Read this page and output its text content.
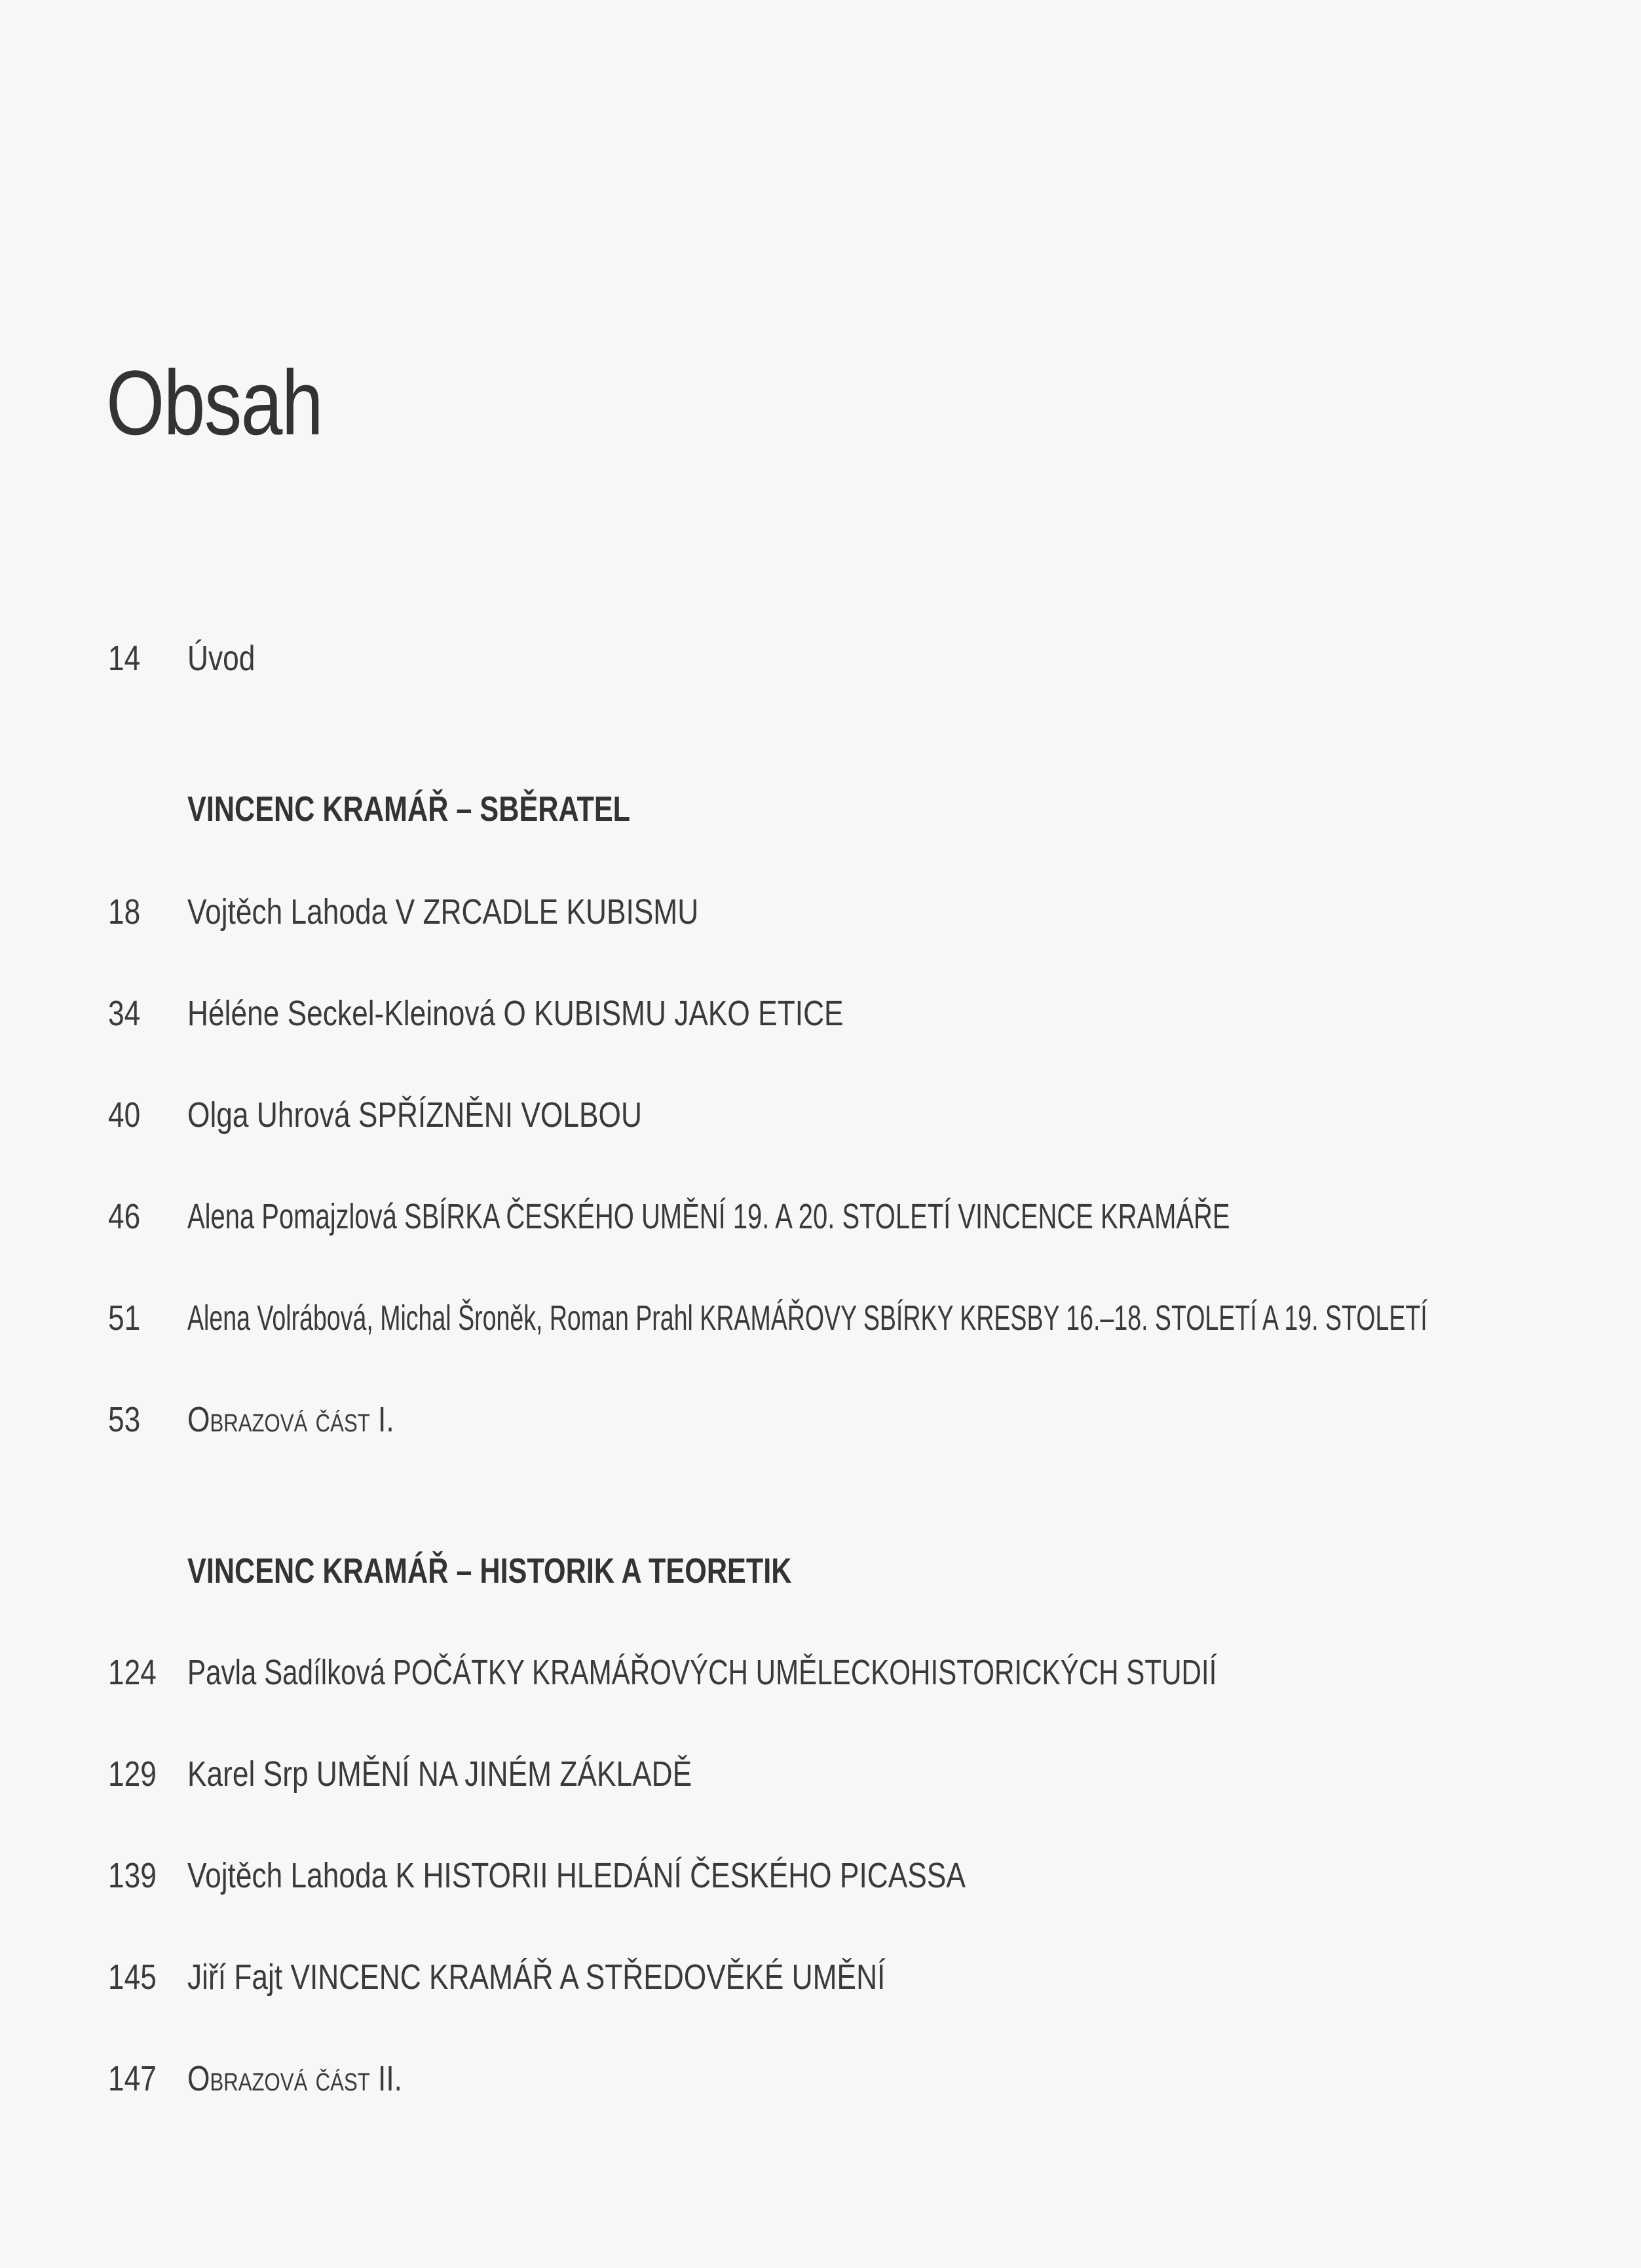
Obsah
14 Úvod
VINCENC KRAMÁŘ – SBĚRATEL
18 Vojtěch Lahoda V ZRCADLE KUBISMU
34 Héléne Seckel-Kleinová O KUBISMU JAKO ETICE
40 Olga Uhrová SPŘÍZNĚNI VOLBOU
46 Alena Pomajzlová SBÍRKA ČESKÉHO UMĚNÍ 19. A 20. STOLETÍ VINCENCE KRAMÁŘE
51 Alena Volrábová, Michal Šroněk, Roman Prahl KRAMÁŘOVY SBÍRKY KRESBY 16.–18. STOLETÍ A 19. STOLETÍ
53 Obrazová část I.
VINCENC KRAMÁŘ – HISTORIK A TEORETIK
124 Pavla Sadílková POČÁTKY KRAMÁŘOVÝCH UMĚLECKOHISTORICKÝCH STUDIÍ
129 Karel Srp UMĚNÍ NA JINÉM ZÁKLADĚ
139 Vojtěch Lahoda K HISTORII HLEDÁNÍ ČESKÉHO PICASSA
145 Jiří Fajt VINCENC KRAMÁŘ A STŘEDOVĚKÉ UMĚNÍ
147 Obrazová část II.
